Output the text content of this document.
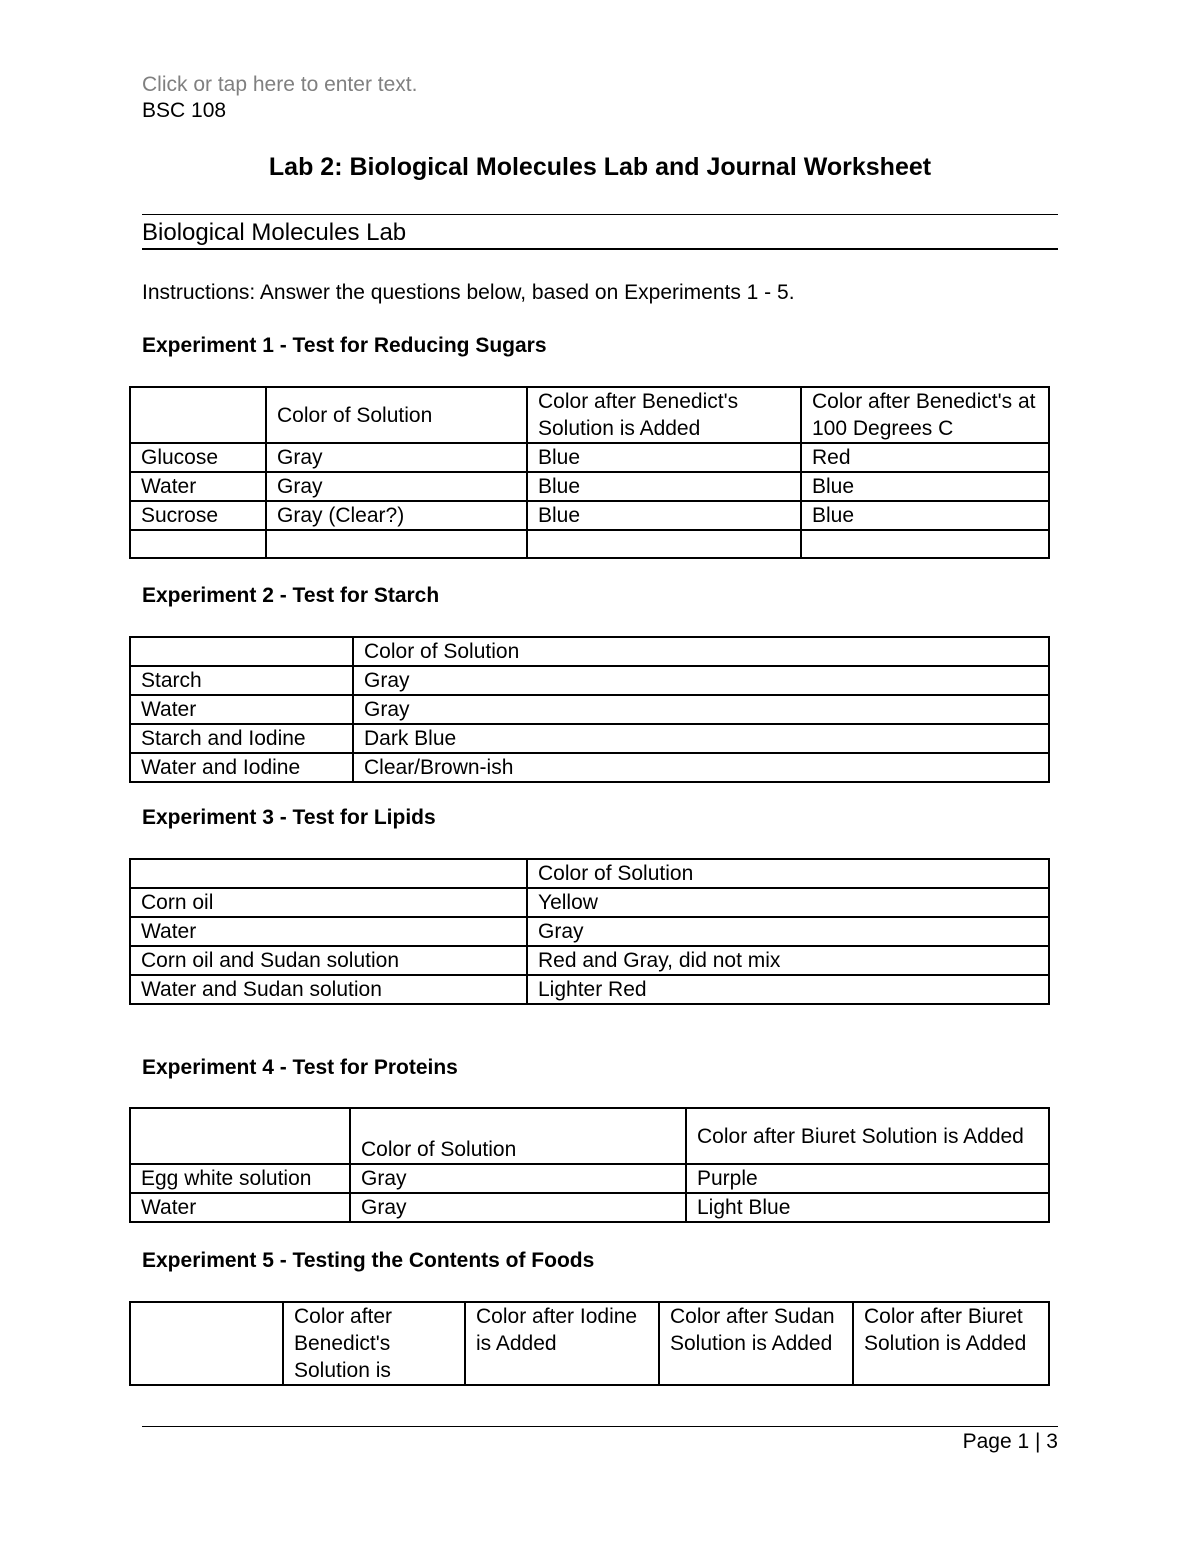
Click or tap here to enter text.
BSC 108
Lab 2: Biological Molecules Lab and Journal Worksheet
Biological Molecules Lab
Instructions: Answer the questions below, based on Experiments 1 - 5.
Experiment 1 - Test for Reducing Sugars
	Color of Solution	Color after Benedict's Solution is Added	Color after Benedict's at 100 Degrees C
Glucose	Gray	Blue	Red
Water	Gray	Blue	Blue
Sucrose	Gray (Clear?)	Blue	Blue

Experiment 2 - Test for Starch
	Color of Solution
Starch	Gray
Water	Gray
Starch and Iodine	Dark Blue
Water and Iodine	Clear/Brown-ish
Experiment 3 - Test for Lipids
	Color of Solution
Corn oil	Yellow
Water	Gray
Corn oil and Sudan solution	Red and Gray, did not mix
Water and Sudan solution	Lighter Red
Experiment 4 - Test for Proteins
	Color of Solution	Color after Biuret Solution is Added
Egg white solution	Gray	Purple
Water	Gray	Light Blue
Experiment 5 - Testing the Contents of Foods
	Color after Benedict's Solution is	Color after Iodine is Added	Color after Sudan Solution is Added	Color after Biuret Solution is Added
Page 1 | 3
